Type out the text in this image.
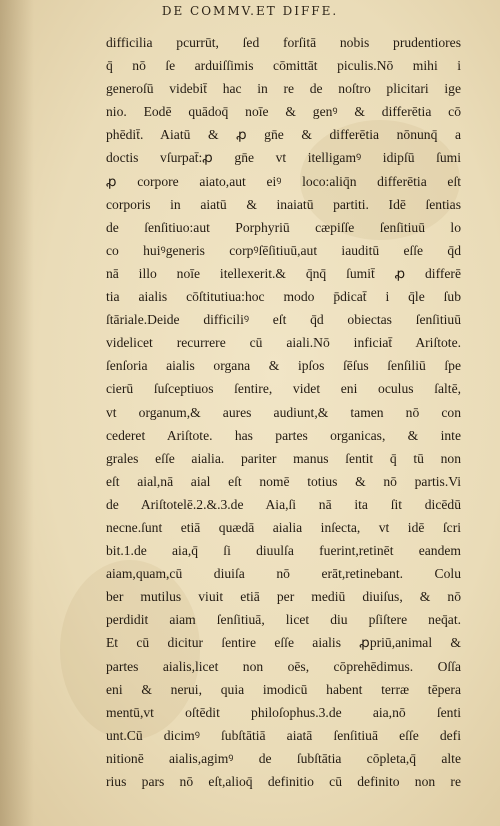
DE COMMV.ET DIFFE.
difficilia pcurrūt, ſed forſitā nobis prudentiores
q̄ nō ſe arduiſſimis cōmittāt piculis.Nō mihi i
generoſū videbit̄ hac in re de noſtro plicitari ige
nio. Eodē quādoq̄ noīe & genꝰ & differētia cō
phēdit̄. Aiatū & ꝓ gn̄e & differētia nōnunq̄ a
doctis vſurpat̄:ꝓ gn̄e vt itelligamꝰ idipſū ſumi
ꝓ corpore aiato,aut eiꝰ loco:aliq̄n differētia eſt
corporis in aiatū & inaiatū partiti. Idē ſentias
de ſenſitiuo:aut Porphyriū cæpiſſe ſenſitiuū lo
co huiꝰgeneris corpꝰſēſitiuū,aut iauditū eſſe q̄d
nā illo noīe itellexerit.& q̄nq̄ ſumit̄ ꝓ differē
tia aialis cōſtitutiua:hoc modo p̄dicat̄ i q̄le ſub
ſtāriale.Deide difficiliꝰ eſt q̄d obiectas ſenſitiuū
videlicet recurrere cū aiali.Nō inficiat̄ Ariſtote.
ſenſoria aialis organa & ipſos ſēſus ſenſiliū ſpe
cierū ſuſceptiuos ſentire, videt eni oculus ſaltē,
vt organum,& aures audiunt,& tamen nō con
cederet Ariſtote. has partes organicas, & inte
grales eſſe aialia. pariter manus ſentit q̄ tū non
eſt aial,nā aial eſt nomē totius & nō partis.Vi
de Ariſtotelē.2.&.3.de Aia,ſi nā ita ſit dicēdū
necne.ſunt etiā quædā aialia inſecta, vt idē ſcri
bit.1.de aia,q̄ ſi diuulſa fuerint,retinēt eandem
aiam,quam,cū diuiſa nō erāt,retinebant. Colu
ber mutilus viuit etiā per mediū diuiſus, & nō
perdidit aiam ſenſitiuā, licet diu pſiſtere neq̄at.
Et cū dicitur ſentire eſſe aialis ꝓpriū,animal &
partes aialis,licet non oēs, cōprehēdimus. Oſſa
eni & nerui, quia imodicū habent terræ tēpera
mentū,vt oſtēdit philoſophus.3.de aia,nō ſenti
unt.Cū dicimꝰ ſubſtātiā aiatā ſenſitiuā eſſe defi
nitionē aialis,agimꝰ de ſubſtātia cōpleta,q̄ alte
rius pars nō eſt,alioq̄ definitio cū definito non re
